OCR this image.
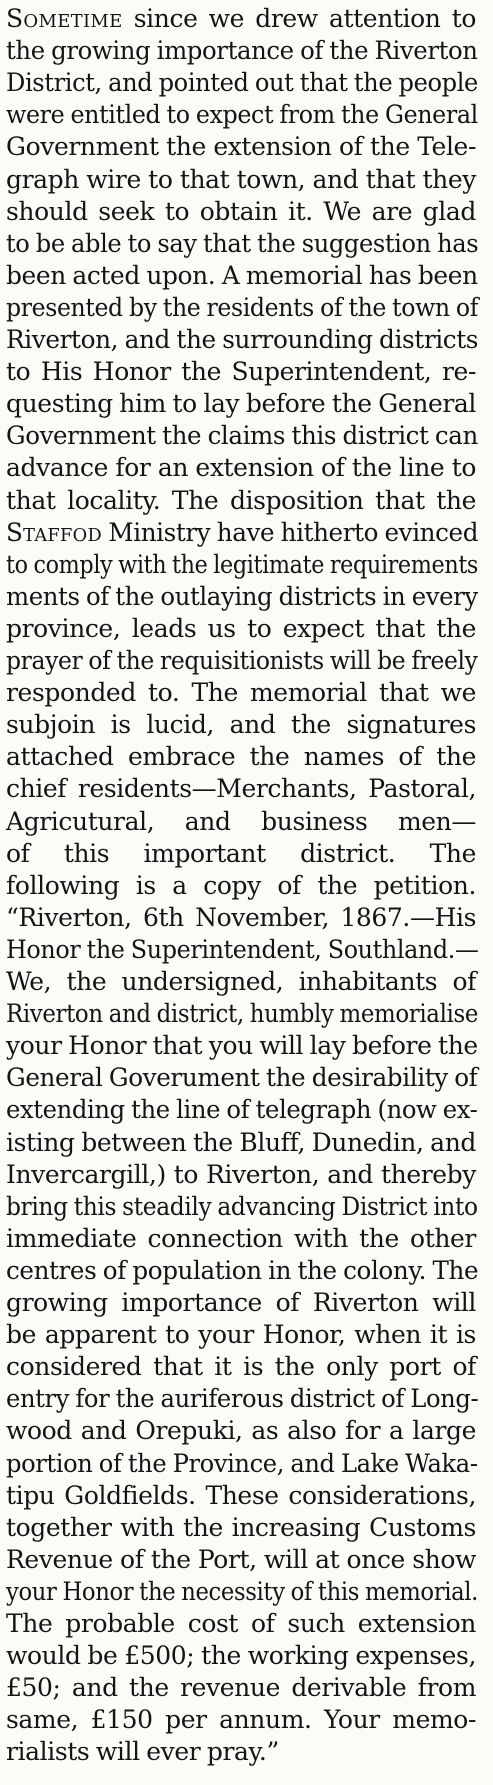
Sometime since we drew attention to
the growing importance of the Riverton
District, and pointed out that the people
were entitled to expect from the General
Government the extension of the Tele-
graph wire to that town, and that they
should seek to obtain it. We are glad
to be able to say that the suggestion has
been acted upon. A memorial has been
presented by the residents of the town of
Riverton, and the surrounding districts
to His Honor the Superintendent, re-
questing him to lay before the General
Government the claims this district can
advance for an extension of the line to
that locality. The disposition that the
Staffod Ministry have hitherto evinced
to comply with the legitimate requirements
ments of the outlaying districts in every
province, leads us to expect that the
prayer of the requisitionists will be freely
responded to. The memorial that we
subjoin is lucid, and the signatures
attached embrace the names of the
chief residents—Merchants, Pastoral,
Agricutural, and business men—
of this important district. The
following is a copy of the petition.
“Riverton, 6th November, 1867.—His
Honor the Superintendent, Southland.—
We, the undersigned, inhabitants of
Riverton and district, humbly memorialise
your Honor that you will lay before the
General Goverument the desirability of
extending the line of telegraph (now ex-
isting between the Bluff, Dunedin, and
Invercargill,) to Riverton, and thereby
bring this steadily advancing District into
immediate connection with the other
centres of population in the colony. The
growing importance of Riverton will
be apparent to your Honor, when it is
considered that it is the only port of
entry for the auriferous district of Long-
wood and Orepuki, as also for a large
portion of the Province, and Lake Waka-
tipu Goldfields. These considerations,
together with the increasing Customs
Revenue of the Port, will at once show
your Honor the necessity of this memorial.
The probable cost of such extension
would be £500; the working expenses,
£50; and the revenue derivable from
same, £150 per annum. Your memo-
rialists will ever pray.”
